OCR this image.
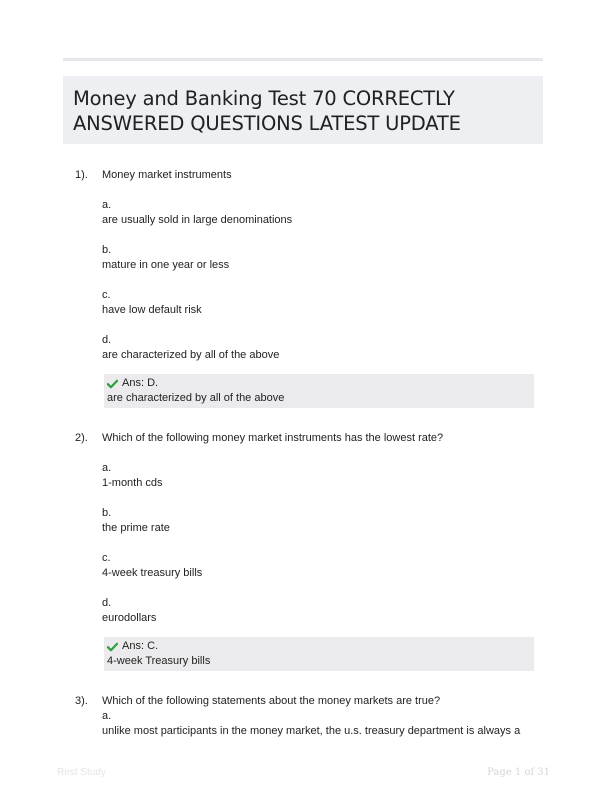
Money and Banking Test 70 CORRECTLY
ANSWERED QUESTIONS LATEST UPDATE
1). Money market instruments
a.
are usually sold in large denominations
b.
mature in one year or less
c.
have low default risk
d.
are characterized by all of the above
Ans: D.
are characterized by all of the above
2). Which of the following money market instruments has the lowest rate?
a.
1-month cds
b.
the prime rate
c.
4-week treasury bills
d.
eurodollars
Ans: C.
4-week Treasury bills
3). Which of the following statements about the money markets are true?
a.
unlike most participants in the money market, the u.s. treasury department is always a
Rest Study	Page 1 of 31
